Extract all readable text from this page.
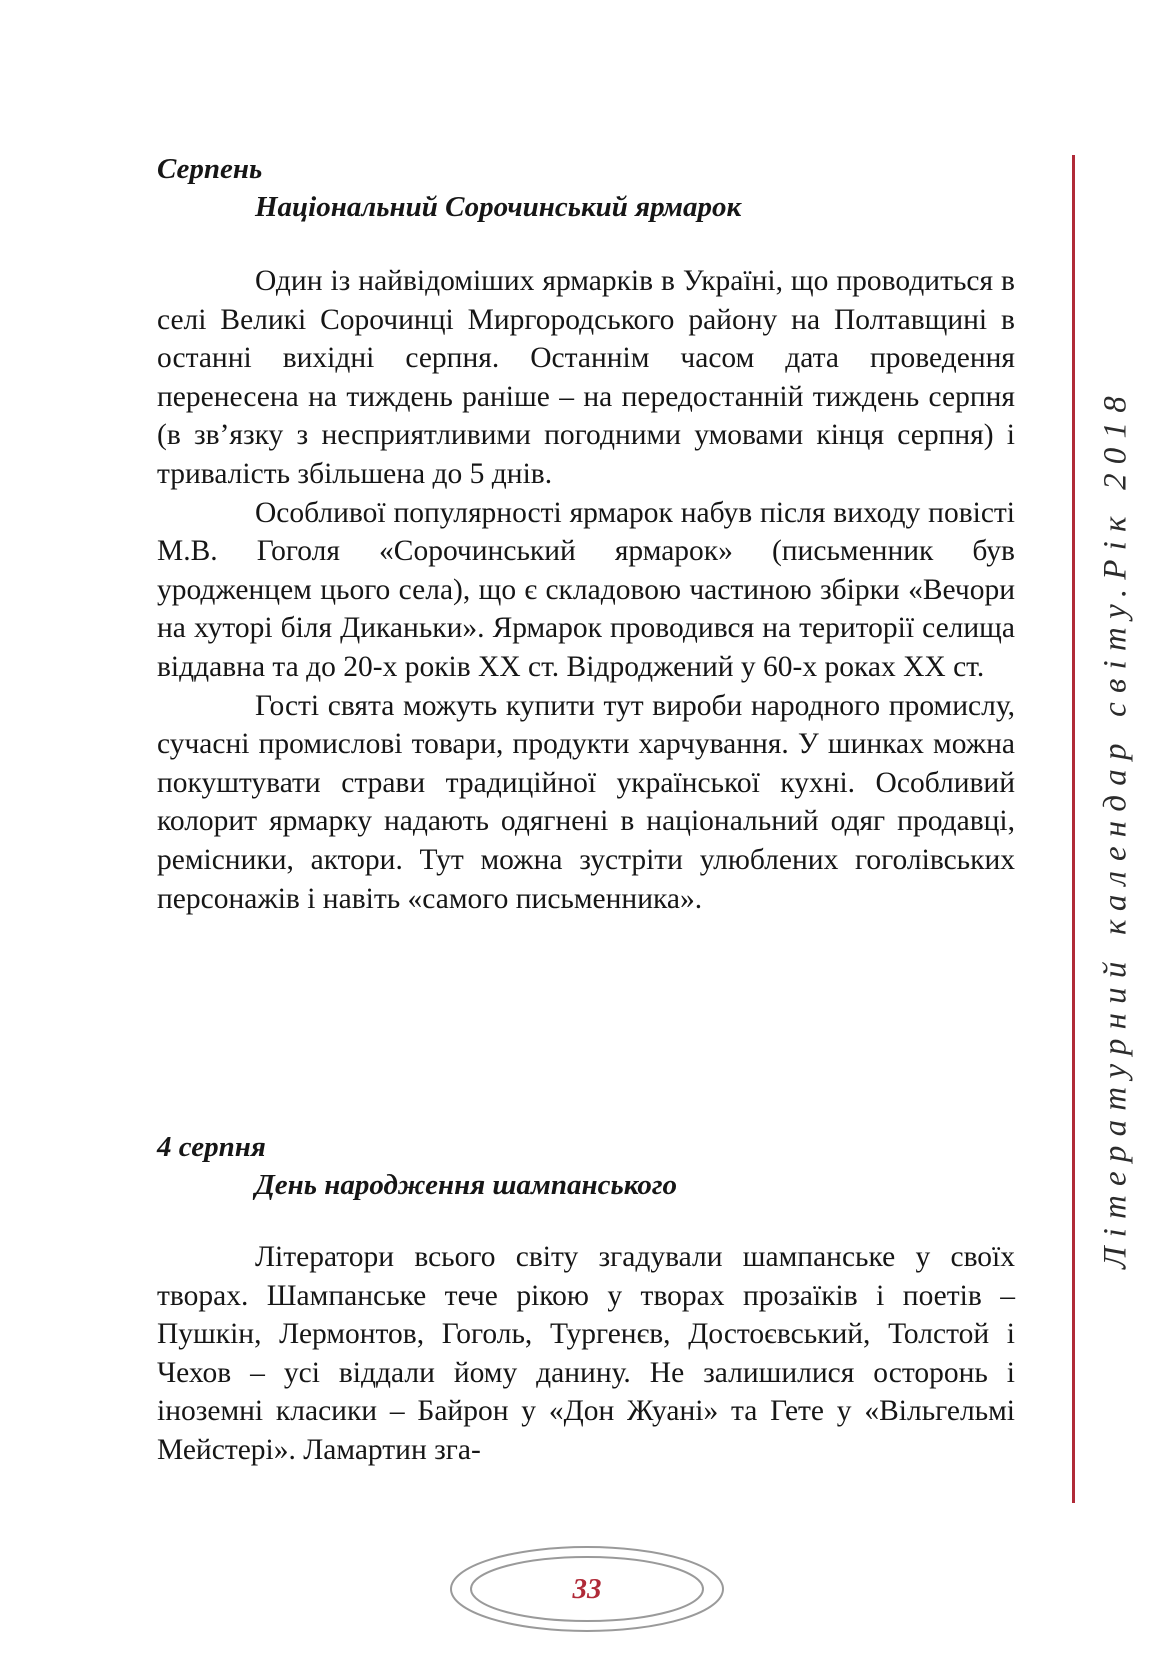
Серпень

Національний Сорочинський ярмарок

Один із найвідоміших ярмарків в Україні, що проводиться в селі Великі Сорочинці Миргородського району на Полтавщині в останні вихідні серпня. Останнім часом дата проведення перенесена на тиждень раніше – на передостанній тиждень серпня (в зв’язку з несприятливими погодними умовами кінця серпня) і тривалість збільшена до 5 днів.

Особливої популярності ярмарок набув після виходу повісті М.В. Гоголя «Сорочинський ярмарок» (письменник був уродженцем цього села), що є складовою частиною збірки «Вечори на хуторі біля Диканьки». Ярмарок проводився на території селища віддавна та до 20-х років ХХ ст. Відроджений у 60-х роках ХХ ст.

Гості свята можуть купити тут вироби народного промислу, сучасні промислові товари, продукти харчування. У шинках можна покуштувати страви традиційної української кухні. Особливий колорит ярмарку надають одягнені в національний одяг продавці, ремісники, актори. Тут можна зустріти улюблених гоголівських персонажів і навіть «самого письменника».

4 серпня

День народження шампанського

Літератори всього світу згадували шампанське у своїх творах. Шампанське тече рікою у творах прозаїків і поетів – Пушкін, Лермонтов, Гоголь, Тургенєв, Достоєвський, Толстой і Чехов – усі віддали йому данину. Не залишилися осторонь і іноземні класики – Байрон у «Дон Жуані» та Гете у «Вільгельмі Мейстері». Ламартин зга-

Літературний календар світу.Рік 2018
33
